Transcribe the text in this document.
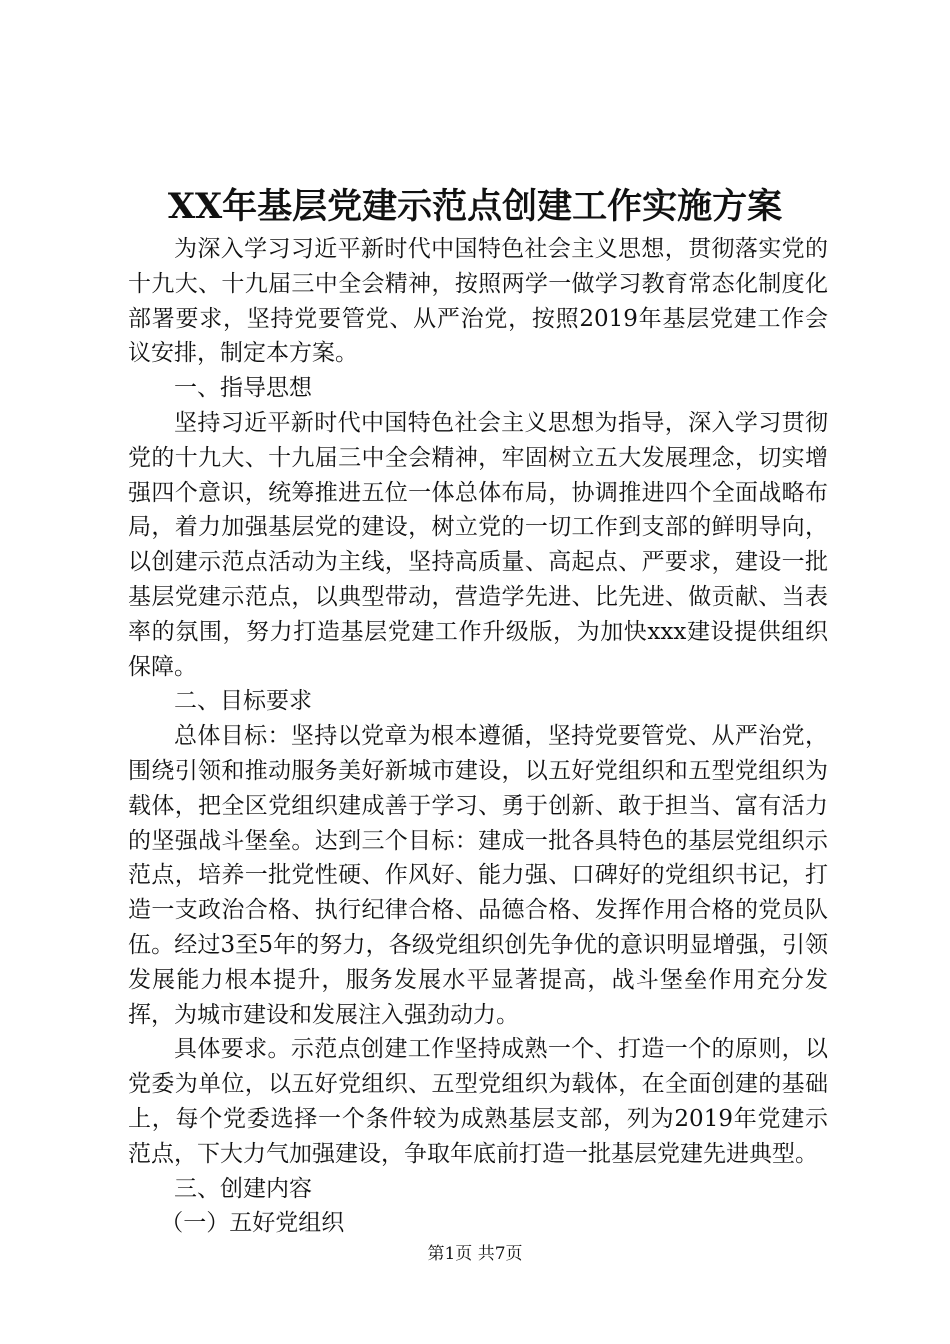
XX年基层党建示范点创建工作实施方案

为深入学习习近平新时代中国特色社会主义思想，贯彻落实党的十九大、十九届三中全会精神，按照两学一做学习教育常态化制度化部署要求，坚持党要管党、从严治党，按照2019年基层党建工作会议安排，制定本方案。

一、指导思想

坚持习近平新时代中国特色社会主义思想为指导，深入学习贯彻党的十九大、十九届三中全会精神，牢固树立五大发展理念，切实增强四个意识，统筹推进五位一体总体布局，协调推进四个全面战略布局，着力加强基层党的建设，树立党的一切工作到支部的鲜明导向，以创建示范点活动为主线，坚持高质量、高起点、严要求，建设一批基层党建示范点，以典型带动，营造学先进、比先进、做贡献、当表率的氛围，努力打造基层党建工作升级版，为加快xxx建设提供组织保障。

二、目标要求

总体目标：坚持以党章为根本遵循，坚持党要管党、从严治党，围绕引领和推动服务美好新城市建设，以五好党组织和五型党组织为载体，把全区党组织建成善于学习、勇于创新、敢于担当、富有活力的坚强战斗堡垒。达到三个目标：建成一批各具特色的基层党组织示范点，培养一批党性硬、作风好、能力强、口碑好的党组织书记，打造一支政治合格、执行纪律合格、品德合格、发挥作用合格的党员队伍。经过3至5年的努力，各级党组织创先争优的意识明显增强，引领发展能力根本提升，服务发展水平显著提高，战斗堡垒作用充分发挥，为城市建设和发展注入强劲动力。

具体要求。示范点创建工作坚持成熟一个、打造一个的原则，以党委为单位，以五好党组织、五型党组织为载体，在全面创建的基础上，每个党委选择一个条件较为成熟基层支部，列为2019年党建示范点，下大力气加强建设，争取年底前打造一批基层党建先进典型。

三、创建内容

（一）五好党组织

第1页 共7页
